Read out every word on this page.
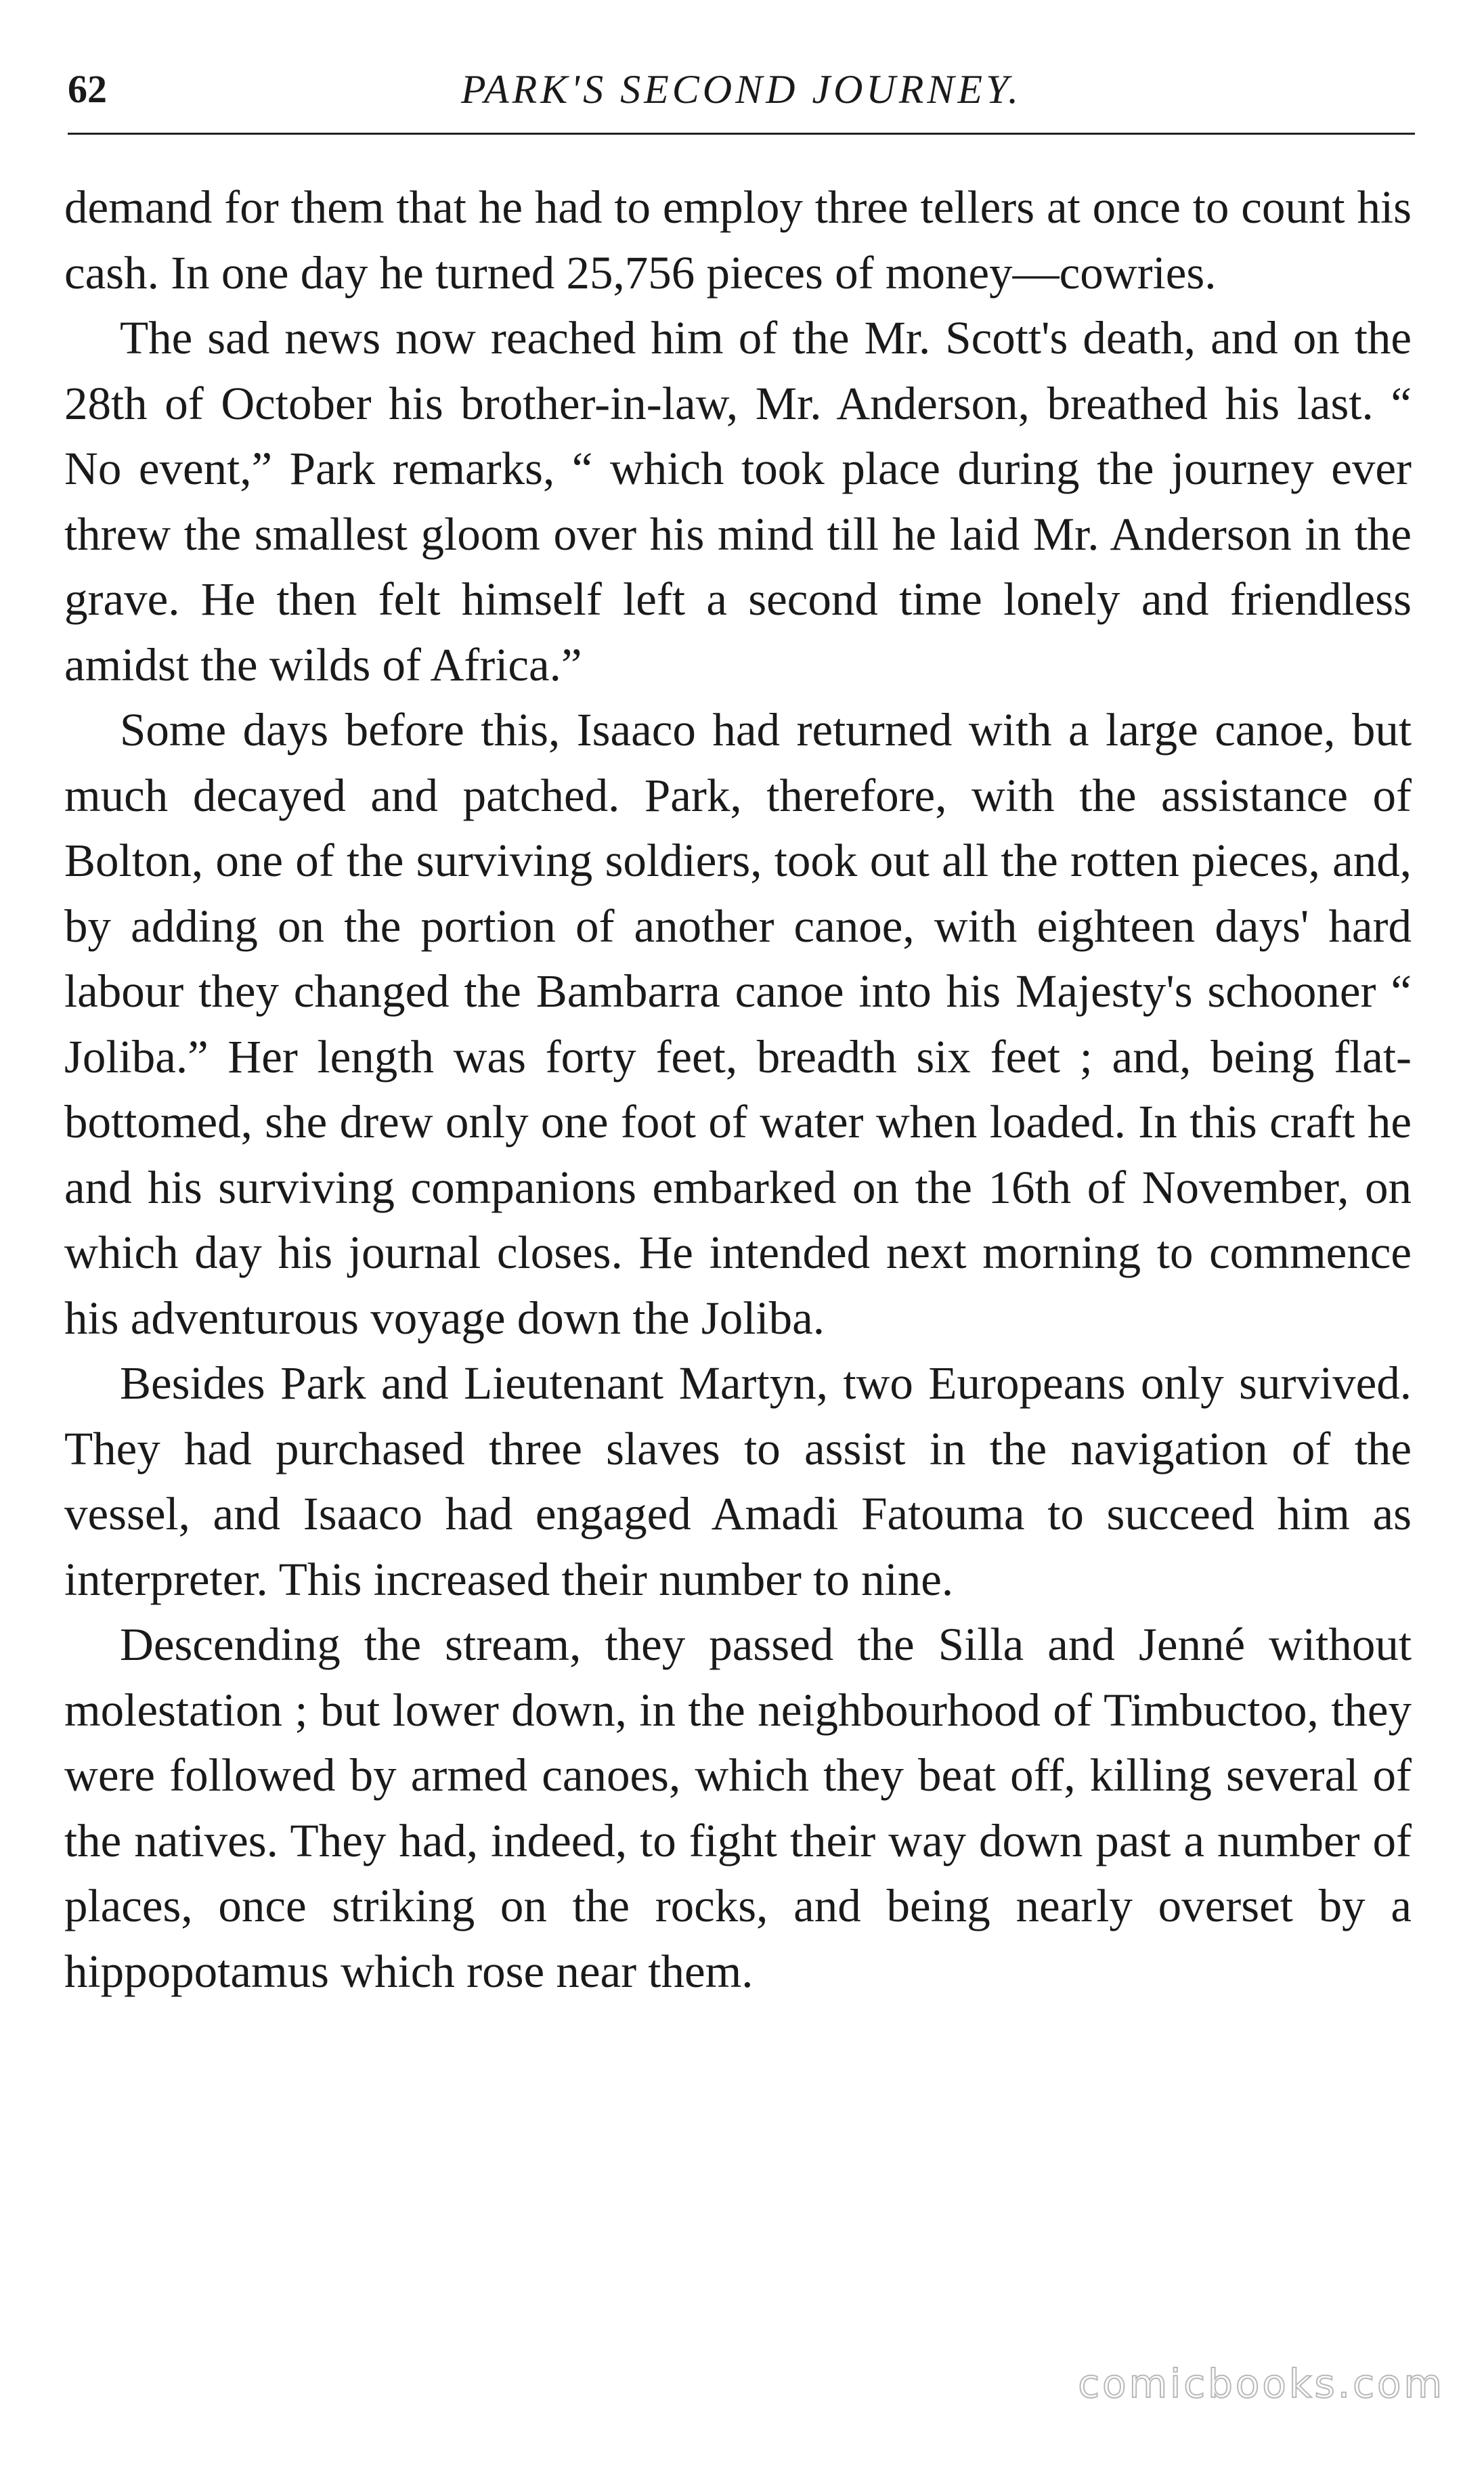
62	PARK'S SECOND JOURNEY.

demand for them that he had to employ three tellers at once to count his cash. In one day he turned 25,756 pieces of money—cowries.

The sad news now reached him of the Mr. Scott's death, and on the 28th of October his brother-in-law, Mr. Anderson, breathed his last. “ No event,” Park remarks, “ which took place during the journey ever threw the smallest gloom over his mind till he laid Mr. Anderson in the grave. He then felt himself left a second time lonely and friendless amidst the wilds of Africa.”

Some days before this, Isaaco had returned with a large canoe, but much decayed and patched. Park, therefore, with the assistance of Bolton, one of the surviving soldiers, took out all the rotten pieces, and, by adding on the portion of another canoe, with eighteen days' hard labour they changed the Bambarra canoe into his Majesty's schooner “ Joliba.” Her length was forty feet, breadth six feet ; and, being flat-bottomed, she drew only one foot of water when loaded. In this craft he and his surviving companions embarked on the 16th of November, on which day his journal closes. He intended next morning to commence his adventurous voyage down the Joliba.

Besides Park and Lieutenant Martyn, two Europeans only survived. They had purchased three slaves to assist in the navigation of the vessel, and Isaaco had engaged Amadi Fatouma to succeed him as interpreter. This increased their number to nine.

Descending the stream, they passed the Silla and Jenné without molestation ; but lower down, in the neighbourhood of Timbuctoo, they were followed by armed canoes, which they beat off, killing several of the natives. They had, indeed, to fight their way down past a number of places, once striking on the rocks, and being nearly overset by a hippopotamus which rose near them.

comicbooks.com
